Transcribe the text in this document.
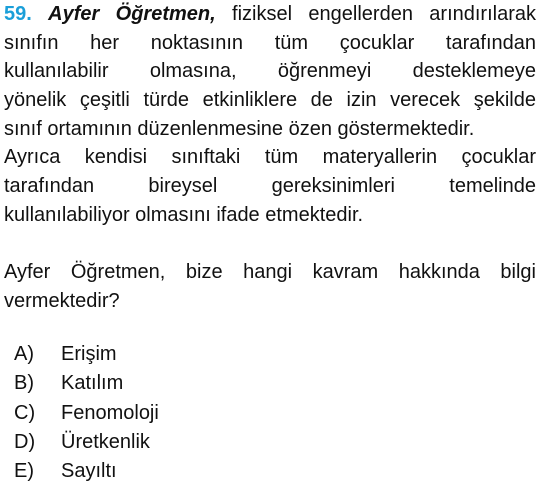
59. Ayfer Öğretmen, fiziksel engellerden arındırılarak
sınıfın her noktasının tüm çocuklar tarafından
kullanılabilir olmasına, öğrenmeyi desteklemeye
yönelik çeşitli türde etkinliklere de izin verecek şekilde
sınıf ortamının düzenlenmesine özen göstermektedir.
Ayrıca kendisi sınıftaki tüm materyallerin çocuklar
tarafından bireysel gereksinimleri temelinde
kullanılabiliyor olmasını ifade etmektedir.
Ayfer Öğretmen, bize hangi kavram hakkında bilgi
vermektedir?
A)	Erişim
B)	Katılım
C)	Fenomoloji
D)	Üretkenlik
E)	Sayıltı
